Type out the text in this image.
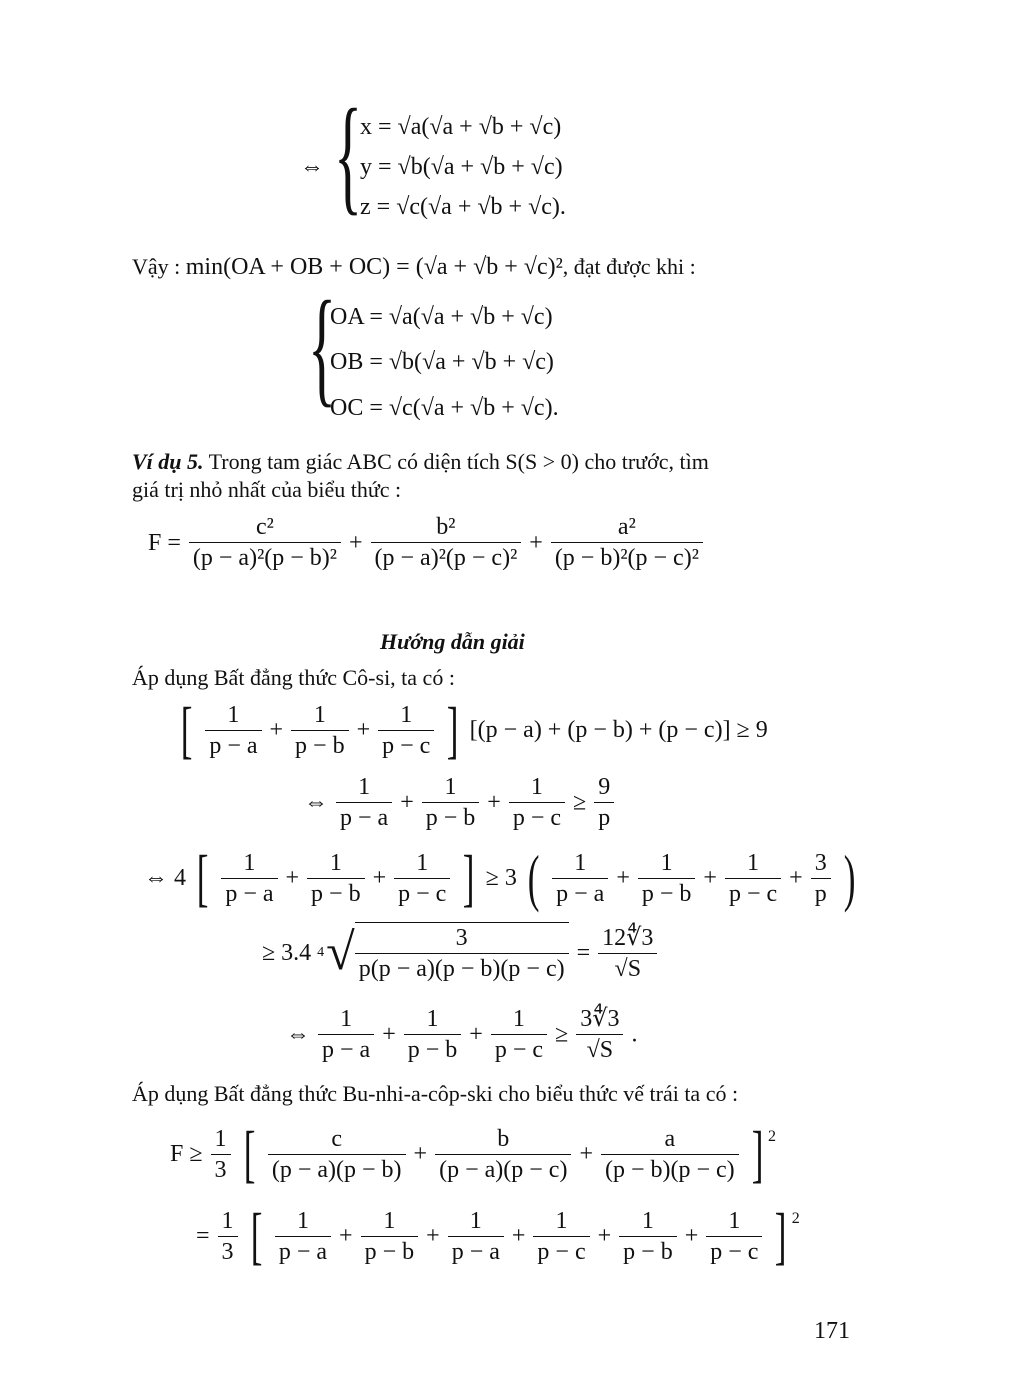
⇔ {
x = √a(√a + √b + √c)
y = √b(√a + √b + √c)
z = √c(√a + √b + √c).
Vậy : min(OA + OB + OC) = (√a + √b + √c)², đạt được khi :
{
OA = √a(√a + √b + √c)
OB = √b(√a + √b + √c)
OC = √c(√a + √b + √c).
Ví dụ 5. Trong tam giác ABC có diện tích S(S > 0) cho trước, tìm
giá trị nhỏ nhất của biểu thức :
$F = \frac{\text{c²}}{\text{(p − a)²(p − b)²}} + \frac{\text{b²}}{\text{(p − a)²(p − c)²}} + \frac{\text{a²}}{\text{(p − b)²(p − c)²}}$
Hướng dẫn giải
Áp dụng Bất đẳng thức Cô-si, ta có :
[ $\frac{1}{p - a} + \frac{1}{p - b} + \frac{1}{p - c}$ ] [(p − a) + (p − b) + (p − c)] ≥ 9
⇔ $\frac{1}{p - a} + \frac{1}{p - b} + \frac{1}{p - c} \ge \frac{9}{p}$
⇔ 4 [ $\frac{1}{p - a} + \frac{1}{p - b} + \frac{1}{p - c}$ ] ≥ 3 ( $\frac{1}{p - a} + \frac{1}{p - b} + \frac{1}{p - c} + \frac{3}{p}$ )
≥ 3.4 4 √ $\frac{3}{p(p - a)(p - b)(p - c)} = \frac{12∜3}{√S}$
⇔ $\frac{1}{p - a} + \frac{1}{p - b} + \frac{1}{p - c} \ge \frac{3∜3}{√S}$ .
Áp dụng Bất đẳng thức Bu-nhi-a-côp-ski cho biểu thức vế trái ta có :
$F \ge \frac{1}{3}$ [ $\frac{c}{(p - a)(p - b)} + \frac{b}{(p - a)(p - c)} + \frac{a}{(p - b)(p - c)}$ ] $^2$
= $\frac{1}{3}$ [ $\frac{1}{p - a} + \frac{1}{p - b} + \frac{1}{p - a} + \frac{1}{p - c} + \frac{1}{p - b} + \frac{1}{p - c}$ ] $^2$
171
